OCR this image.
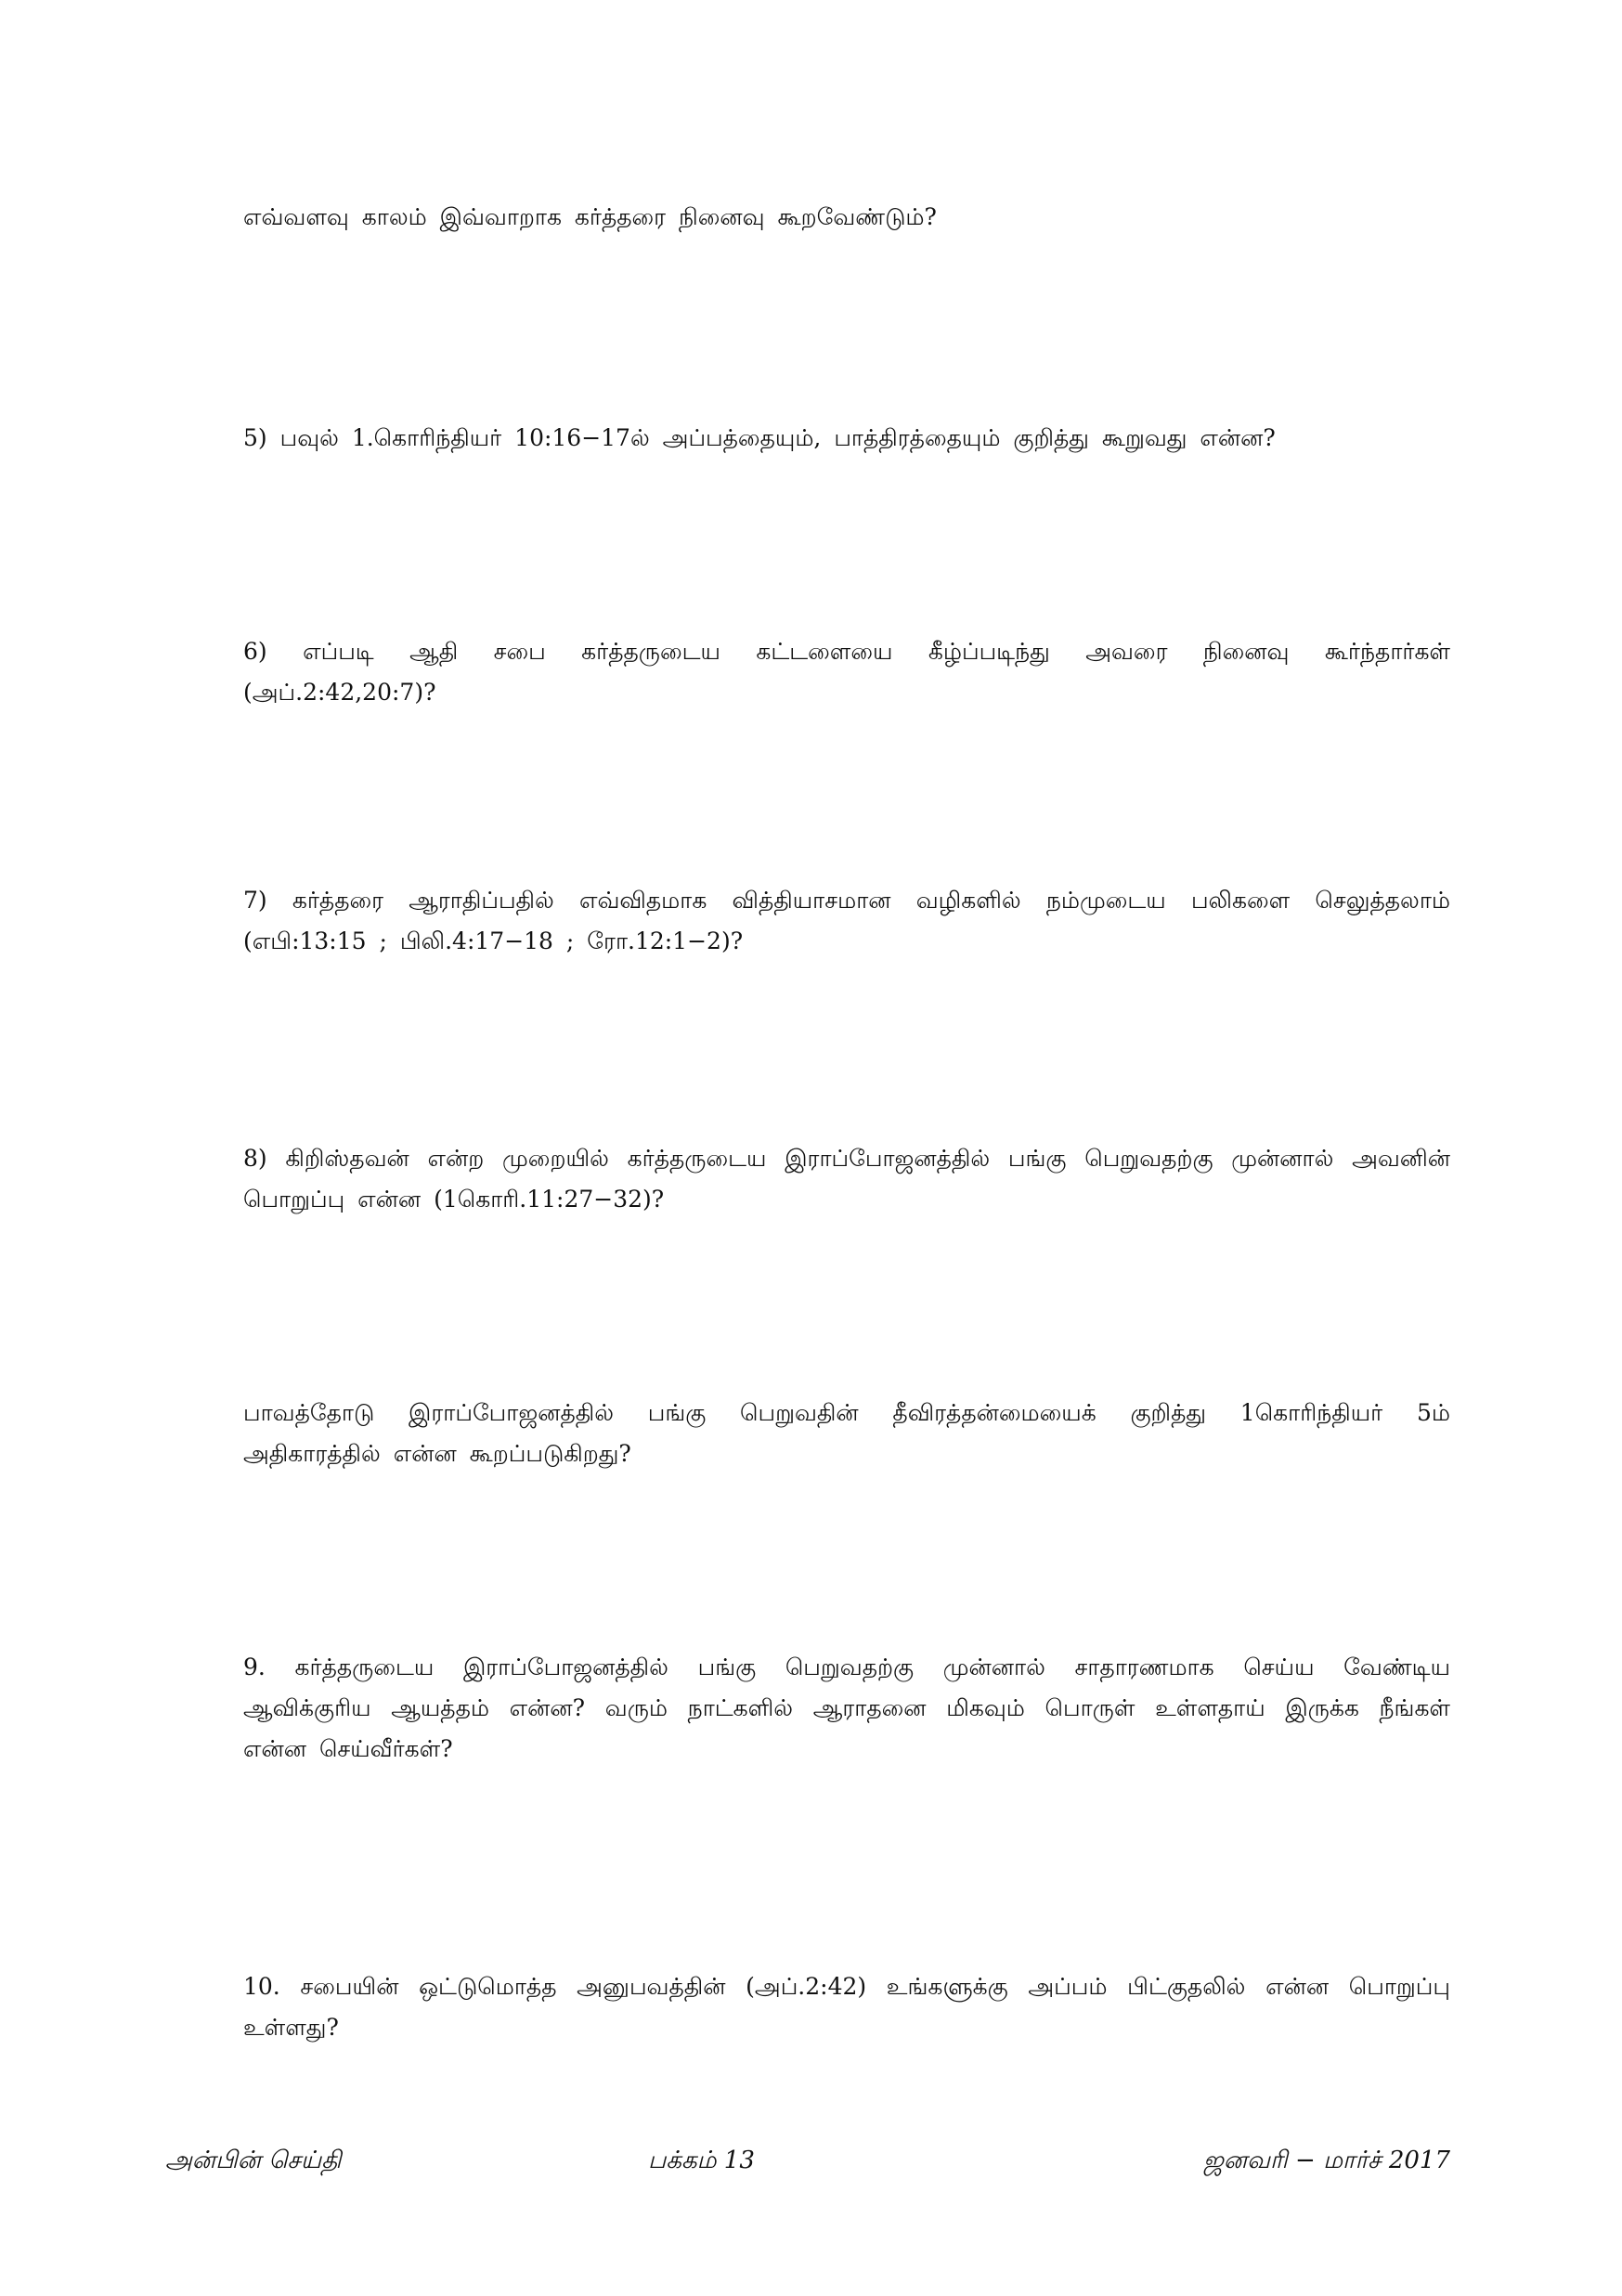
எவ்வளவு காலம் இவ்வாறாக கர்த்தரை நினைவு கூறவேண்டும்?

5) பவுல் 1.கொரிந்தியர் 10:16−17ல் அப்பத்தையும், பாத்திரத்தையும் குறித்து கூறுவது என்ன?

6) எப்படி ஆதி சபை கர்த்தருடைய கட்டளையை கீழ்ப்படிந்து அவரை நினைவு கூர்ந்தார்கள் (அப்.2:42,20:7)?

7) கர்த்தரை ஆராதிப்பதில் எவ்விதமாக வித்தியாசமான வழிகளில் நம்முடைய பலிகளை செலுத்தலாம் (எபி:13:15 ; பிலி.4:17−18 ; ரோ.12:1−2)?

8) கிறிஸ்தவன் என்ற முறையில் கர்த்தருடைய இராப்போஜனத்தில் பங்கு பெறுவதற்கு முன்னால் அவனின் பொறுப்பு என்ன (1கொரி.11:27−32)?

பாவத்தோடு இராப்போஜனத்தில் பங்கு பெறுவதின் தீவிரத்தன்மையைக் குறித்து 1கொரிந்தியர் 5ம் அதிகாரத்தில் என்ன கூறப்படுகிறது?

9. கர்த்தருடைய இராப்போஜனத்தில் பங்கு பெறுவதற்கு முன்னால் சாதாரணமாக செய்ய வேண்டிய ஆவிக்குரிய ஆயத்தம் என்ன? வரும் நாட்களில் ஆராதனை மிகவும் பொருள் உள்ளதாய் இருக்க நீங்கள் என்ன செய்வீர்கள்?

10. சபையின் ஒட்டுமொத்த அனுபவத்தின் (அப்.2:42) உங்களுக்கு அப்பம் பிட்குதலில் என்ன பொறுப்பு உள்ளது?

அன்பின் செய்தி	பக்கம் 13	ஜனவரி − மார்ச் 2017
